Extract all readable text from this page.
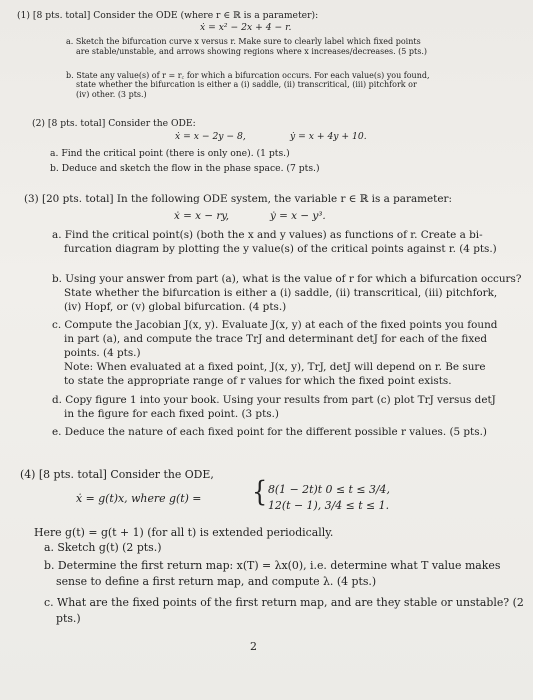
(1) [8 pts. total] Consider the ODE (where r ∈ ℝ is a parameter):
ẋ = x² − 2x + 4 − r.
a. Sketch the bifurcation curve x versus r. Make sure to clearly label which fixed points
are stable/unstable, and arrows showing regions where x increases/decreases. (5 pts.)
b. State any value(s) of r = r꜀ for which a bifurcation occurs. For each value(s) you found,
state whether the bifurcation is either a (i) saddle, (ii) transcritical, (iii) pitchfork or
(iv) other. (3 pts.)
(2) [8 pts. total] Consider the ODE:
ẋ = x − 2y − 8,	ẏ = x + 4y + 10.
a. Find the critical point (there is only one). (1 pts.)
b. Deduce and sketch the flow in the phase space. (7 pts.)
(3) [20 pts. total] In the following ODE system, the variable r ∈ ℝ is a parameter:
ẋ = x − ry,	ẏ = x − y³.
a. Find the critical point(s) (both the x and y values) as functions of r. Create a bi-
furcation diagram by plotting the y value(s) of the critical points against r. (4 pts.)
b. Using your answer from part (a), what is the value of r for which a bifurcation occurs?
State whether the bifurcation is either a (i) saddle, (ii) transcritical, (iii) pitchfork,
(iv) Hopf, or (v) global bifurcation. (4 pts.)
c. Compute the Jacobian J(x, y). Evaluate J(x, y) at each of the fixed points you found
in part (a), and compute the trace TrJ and determinant detJ for each of the fixed
points. (4 pts.)
Note: When evaluated at a fixed point, J(x, y), TrJ, detJ will depend on r. Be sure
to state the appropriate range of r values for which the fixed point exists.
d. Copy figure 1 into your book. Using your results from part (c) plot TrJ versus detJ
in the figure for each fixed point. (3 pts.)
e. Deduce the nature of each fixed point for the different possible r values. (5 pts.)
(4) [8 pts. total] Consider the ODE,
ẋ = g(t)x, where g(t) = { 8(1 − 2t)t 0 ≤ t ≤ 3/4,
12(t − 1), 3/4 ≤ t ≤ 1.
Here g(t) = g(t + 1) (for all t) is extended periodically.
a. Sketch g(t) (2 pts.)
b. Determine the first return map: x(T) = λx(0), i.e. determine what T value makes
sense to define a first return map, and compute λ. (4 pts.)
c. What are the fixed points of the first return map, and are they stable or unstable? (2
pts.)
2
